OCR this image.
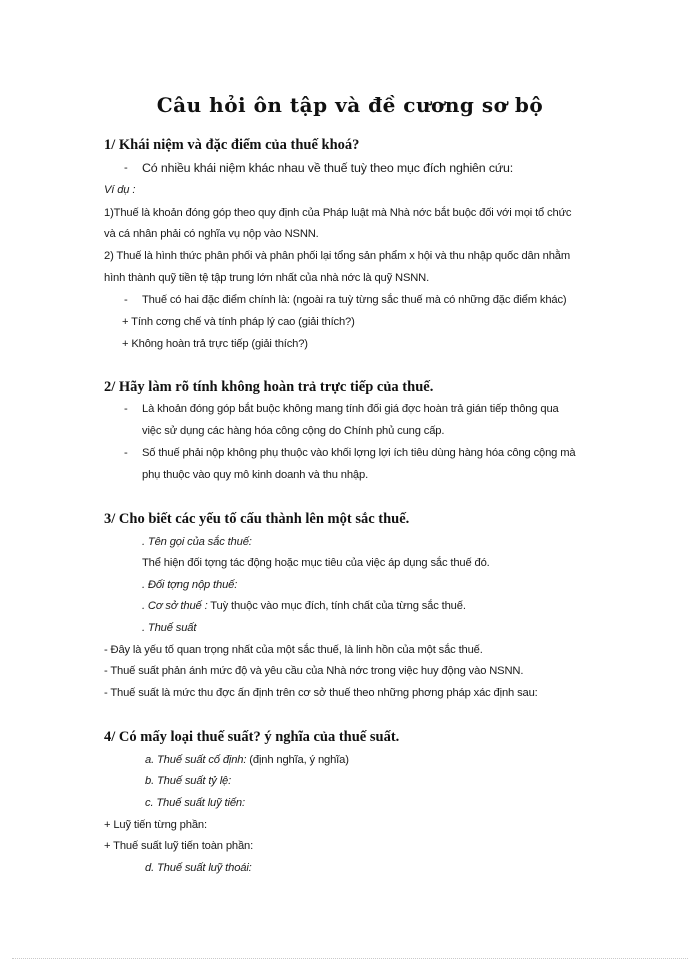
Câu hỏi ôn tập và đề cương sơ bộ
1/ Khái niệm và đặc điểm của thuế khoá?
- Có nhiều khái niệm khác nhau về thuế tuỳ theo mục đích nghiên cứu:
Ví dụ :
1)Thuế là khoản đóng góp theo quy định của Pháp luật mà Nhà nớc bắt buộc đối với mọi tổ chức
và cá nhân phải có nghĩa vụ nộp vào NSNN.
2) Thuế là hình thức phân phối và phân phối lại tổng sản phẩm x hội và thu nhập quốc dân nhằm
hình thành quỹ tiền tệ tập trung lớn nhất của nhà nớc là quỹ NSNN.
- Thuế có hai đặc điểm chính là: (ngoài ra tuỳ từng sắc thuế mà có những đặc điểm khác)
+ Tính cơng chế và tính pháp lý cao (giải thích?)
+ Không hoàn trả trực tiếp (giải thích?)
2/ Hãy làm rõ tính không hoàn trả trực tiếp của thuế.
- Là khoản đóng góp bắt buộc không mang tính đối giá đợc hoàn trả gián tiếp thông qua
việc sử dụng các hàng hóa công cộng do Chính phủ cung cấp.
- Số thuế phải nộp không phụ thuộc vào khối lợng lợi ích tiêu dùng hàng hóa công cộng mà
phụ thuộc vào quy mô kinh doanh và thu nhập.
3/ Cho biết các yếu tố cấu thành lên một sắc thuế.
. Tên gọi của sắc thuế:
Thể hiện đối tợng tác động hoặc mục tiêu của việc áp dụng sắc thuế đó.
. Đối tợng nộp thuế:
. Cơ sở thuế : Tuỳ thuộc vào mục đích, tính chất của từng sắc thuế.
. Thuế suất
- Đây là yếu tố quan trọng nhất của một sắc thuế, là linh hồn của một sắc thuế.
- Thuế suất phản ánh mức độ và yêu cầu của Nhà nớc trong việc huy động vào NSNN.
- Thuế suất là mức thu đợc ấn định trên cơ sở thuế theo những phơng pháp xác định sau:
4/ Có mấy loại thuế suất? ý nghĩa của thuế suất.
a. Thuế suất cố định: (định nghĩa, ý nghĩa)
b. Thuế suất tỷ lệ:
c. Thuế suất luỹ tiến:
+ Luỹ tiến từng phần:
+ Thuế suất luỹ tiến toàn phần:
d. Thuế suất luỹ thoái:
